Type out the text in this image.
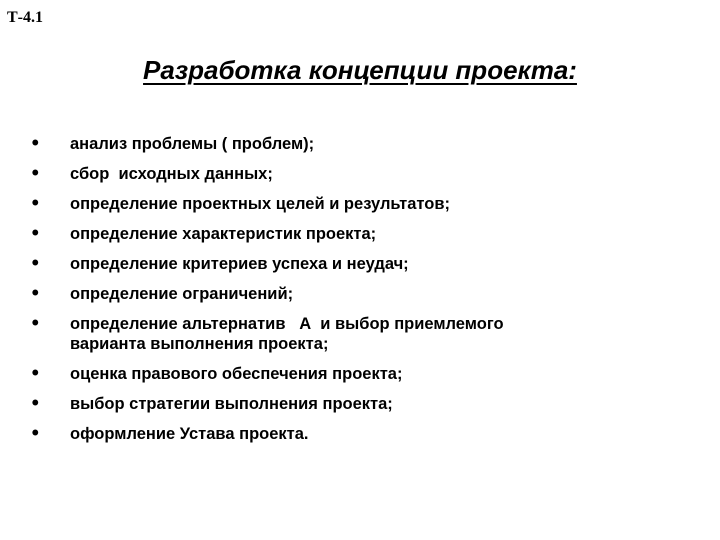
Т-4.1
Разработка концепции проекта:
•	анализ проблемы ( проблем);
•	сбор  исходных данных;
•	определение проектных целей и результатов;
•	определение характеристик проекта;
•	определение критериев успеха и неудач;
•	определение ограничений;
•	определение альтернатив   А  и выбор приемлемого
варианта выполнения проекта;
•	оценка правового обеспечения проекта;
•	выбор стратегии выполнения проекта;
•	оформление Устава проекта.
